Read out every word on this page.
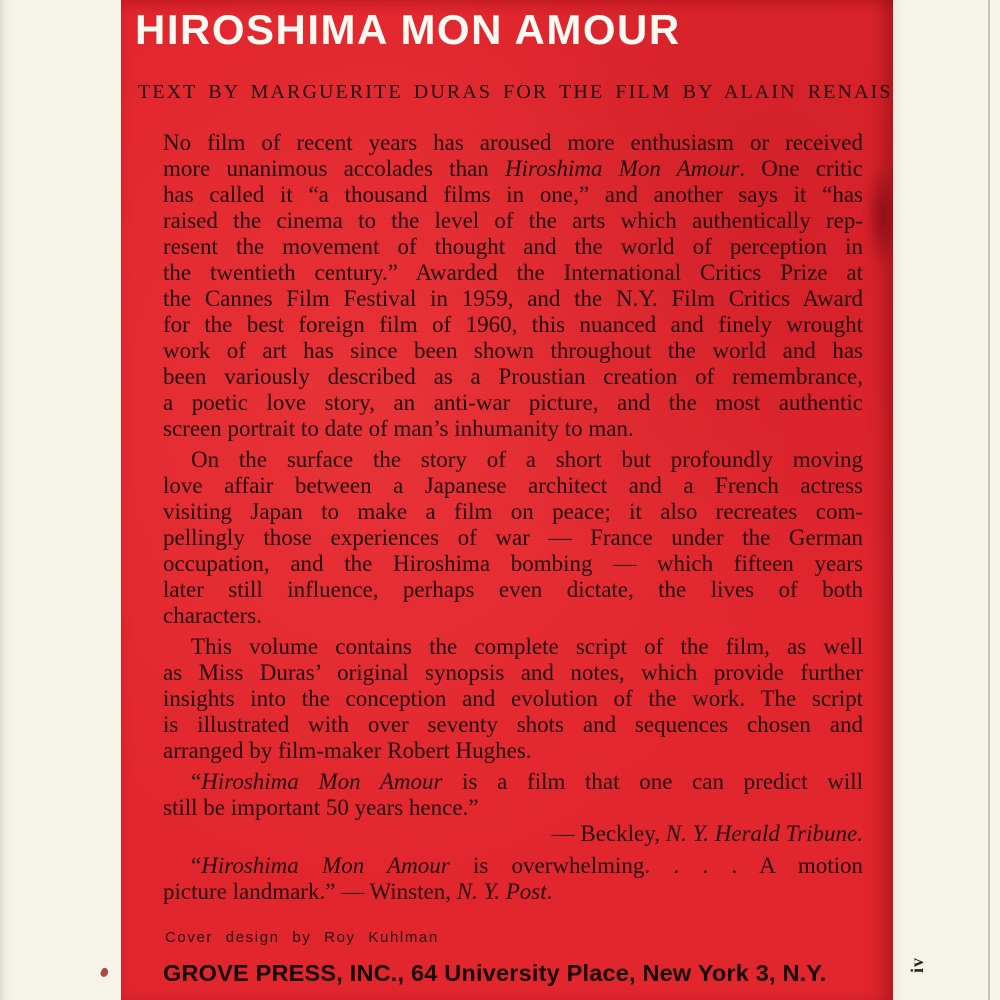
HIROSHIMA MON AMOUR
TEXT BY MARGUERITE DURAS FOR THE FILM BY ALAIN RENAIS
No film of recent years has aroused more enthusiasm or received
more unanimous accolades than Hiroshima Mon Amour. One critic
has called it “a thousand films in one,” and another says it “has
raised the cinema to the level of the arts which authentically rep-
resent the movement of thought and the world of perception in
the twentieth century.” Awarded the International Critics Prize at
the Cannes Film Festival in 1959, and the N.Y. Film Critics Award
for the best foreign film of 1960, this nuanced and finely wrought
work of art has since been shown throughout the world and has
been variously described as a Proustian creation of remembrance,
a poetic love story, an anti-war picture, and the most authentic
screen portrait to date of man’s inhumanity to man.
On the surface the story of a short but profoundly moving
love affair between a Japanese architect and a French actress
visiting Japan to make a film on peace; it also recreates com-
pellingly those experiences of war — France under the German
occupation, and the Hiroshima bombing — which fifteen years
later still influence, perhaps even dictate, the lives of both
characters.
This volume contains the complete script of the film, as well
as Miss Duras’ original synopsis and notes, which provide further
insights into the conception and evolution of the work. The script
is illustrated with over seventy shots and sequences chosen and
arranged by film-maker Robert Hughes.
“Hiroshima Mon Amour is a film that one can predict will
still be important 50 years hence.”
— Beckley, N. Y. Herald Tribune.
“Hiroshima Mon Amour is overwhelming. . . . A motion
picture landmark.” — Winsten, N. Y. Post.
Cover design by Roy Kuhlman
GROVE PRESS, INC., 64 University Place, New York 3, N.Y.	iv
